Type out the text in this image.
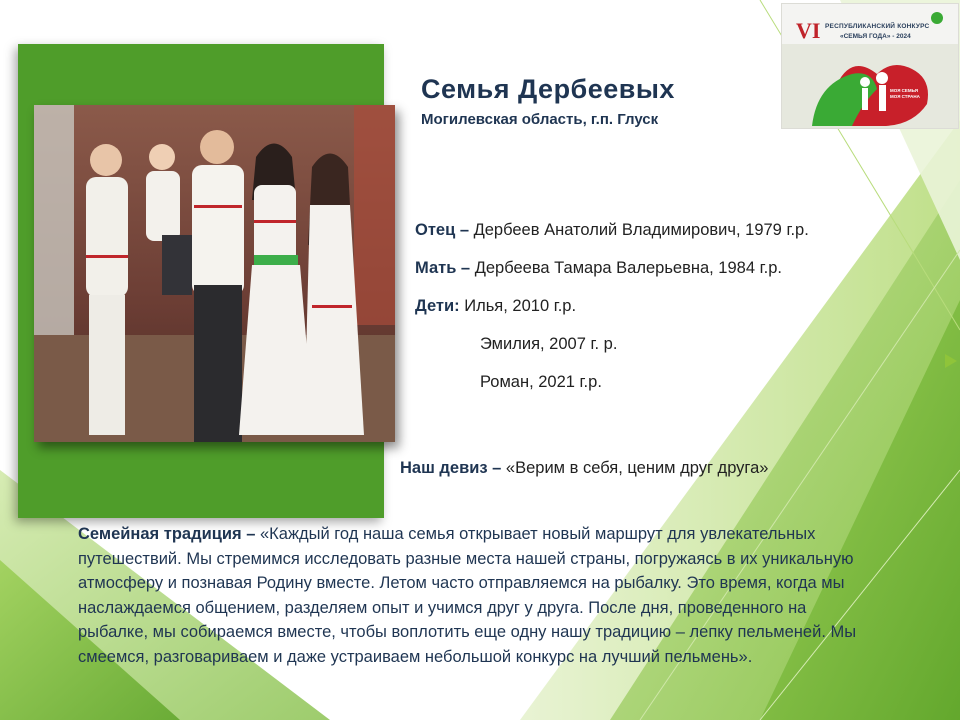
VI РЕСПУБЛИКАНСКИЙ КОНКУРС
«СЕМЬЯ ГОДА» - 2024
МОЯ СЕМЬЯ МОЯ СТРАНА
Семья Дербеевых
Могилевская область, г.п. Глуск
Отец – Дербеев Анатолий Владимирович, 1979 г.р.
Мать – Дербеева Тамара Валерьевна, 1984 г.р.
Дети: Илья, 2010 г.р.
Эмилия, 2007 г. р.
Роман, 2021 г.р.
Наш девиз – «Верим в себя, ценим друг друга»
Семейная традиция – «Каждый год наша семья открывает новый маршрут для увлекательных путешествий. Мы стремимся исследовать разные места нашей страны, погружаясь в их уникальную атмосферу и познавая Родину вместе. Летом часто отправляемся на рыбалку. Это время, когда мы наслаждаемся общением, разделяем опыт и учимся друг у друга. После дня, проведенного на рыбалке, мы собираемся вместе, чтобы воплотить еще одну нашу традицию – лепку пельменей. Мы смеемся, разговариваем и даже устраиваем небольшой конкурс на лучший пельмень».
